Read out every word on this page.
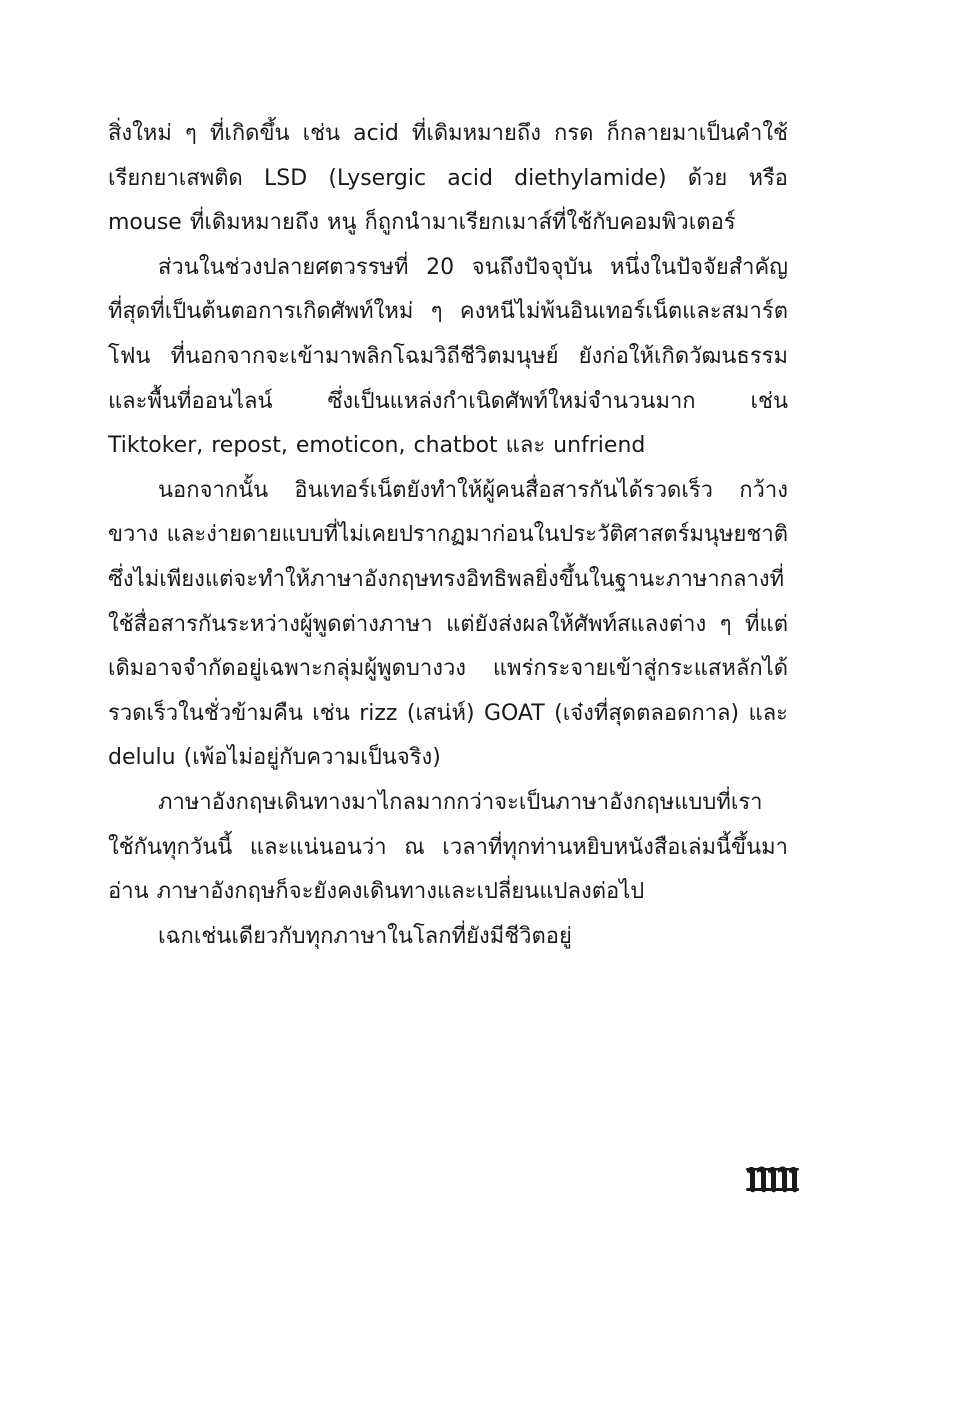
สิ่งใหม่ ๆ ที่เกิดขึ้น เช่น acid ที่เดิมหมายถึง กรด ก็กลายมาเป็นคำใช้เรียกยาเสพติด LSD (Lysergic acid diethylamide) ด้วย หรือ mouse ที่เดิมหมายถึง หนู ก็ถูกนำมาเรียกเมาส์ที่ใช้กับคอมพิวเตอร์

ส่วนในช่วงปลายศตวรรษที่ 20 จนถึงปัจจุบัน หนึ่งในปัจจัยสำคัญที่สุดที่เป็นต้นตอการเกิดศัพท์ใหม่ ๆ คงหนีไม่พ้นอินเทอร์เน็ตและสมาร์ตโฟน ที่นอกจากจะเข้ามาพลิกโฉมวิถีชีวิตมนุษย์ ยังก่อให้เกิดวัฒนธรรมและพื้นที่ออนไลน์ ซึ่งเป็นแหล่งกำเนิดศัพท์ใหม่จำนวนมาก เช่น Tiktoker, repost, emoticon, chatbot และ unfriend

นอกจากนั้น อินเทอร์เน็ตยังทำให้ผู้คนสื่อสารกันได้รวดเร็ว กว้างขวาง และง่ายดายแบบที่ไม่เคยปรากฏมาก่อนในประวัติศาสตร์มนุษยชาติ ซึ่งไม่เพียงแต่จะทำให้ภาษาอังกฤษทรงอิทธิพลยิ่งขึ้นในฐานะภาษากลางที่ใช้สื่อสารกันระหว่างผู้พูดต่างภาษา แต่ยังส่งผลให้ศัพท์สแลงต่าง ๆ ที่แต่เดิมอาจจำกัดอยู่เฉพาะกลุ่มผู้พูดบางวง แพร่กระจายเข้าสู่กระแสหลักได้รวดเร็วในชั่วข้ามคืน เช่น rizz (เสน่ห์) GOAT (เจ๋งที่สุดตลอดกาล) และ delulu (เพ้อไม่อยู่กับความเป็นจริง)

ภาษาอังกฤษเดินทางมาไกลมากกว่าจะเป็นภาษาอังกฤษแบบที่เราใช้กันทุกวันนี้ และแน่นอนว่า ณ เวลาที่ทุกท่านหยิบหนังสือเล่มนี้ขึ้นมาอ่าน ภาษาอังกฤษก็จะยังคงเดินทางและเปลี่ยนแปลงต่อไป

เฉกเช่นเดียวกับทุกภาษาในโลกที่ยังมีชีวิตอยู่
